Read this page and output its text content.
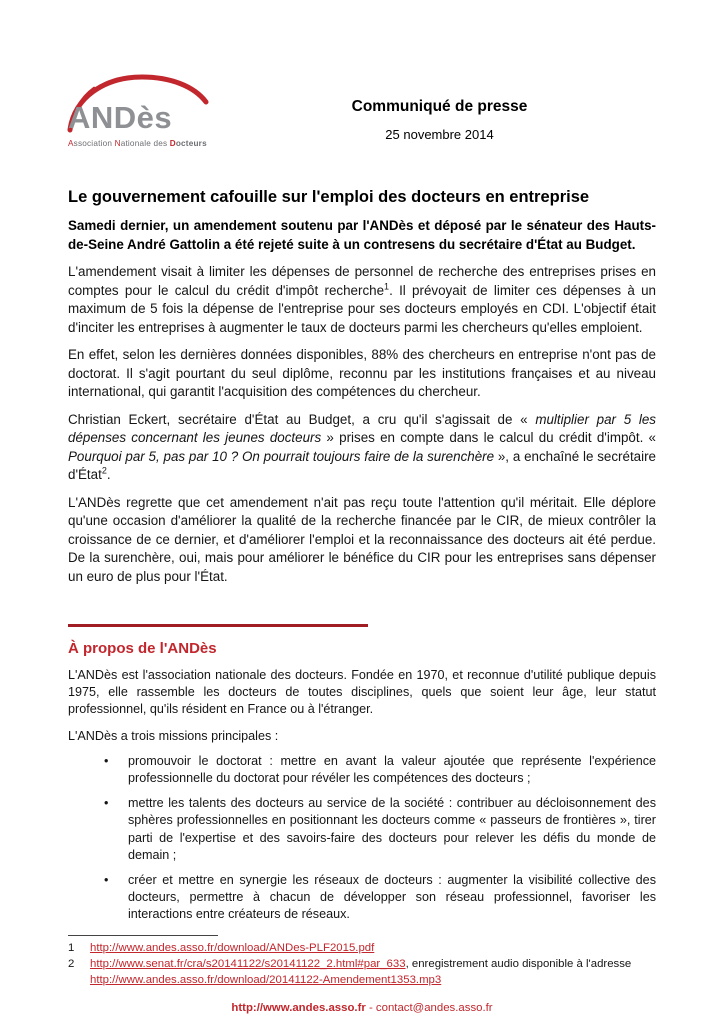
ANDès
Association Nationale des Docteurs
Communiqué de presse
25 novembre 2014
Le gouvernement cafouille sur l'emploi des docteurs en entreprise

Samedi dernier, un amendement soutenu par l'ANDès et déposé par le sénateur des Hauts-de-Seine André Gattolin a été rejeté suite à un contresens du secrétaire d'État au Budget.

L'amendement visait à limiter les dépenses de personnel de recherche des entreprises prises en comptes pour le calcul du crédit d'impôt recherche$^1$. Il prévoyait de limiter ces dépenses à un maximum de 5 fois la dépense de l'entreprise pour ses docteurs employés en CDI. L'objectif était d'inciter les entreprises à augmenter le taux de docteurs parmi les chercheurs qu'elles emploient.

En effet, selon les dernières données disponibles, 88% des chercheurs en entreprise n'ont pas de doctorat. Il s'agit pourtant du seul diplôme, reconnu par les institutions françaises et au niveau international, qui garantit l'acquisition des compétences du chercheur.

Christian Eckert, secrétaire d'État au Budget, a cru qu'il s'agissait de « multiplier par 5 les dépenses concernant les jeunes docteurs » prises en compte dans le calcul du crédit d'impôt. « Pourquoi par 5, pas par 10 ? On pourrait toujours faire de la surenchère », a enchaîné le secrétaire d'État$^2$.

L'ANDès regrette que cet amendement n'ait pas reçu toute l'attention qu'il méritait. Elle déplore qu'une occasion d'améliorer la qualité de la recherche financée par le CIR, de mieux contrôler la croissance de ce dernier, et d'améliorer l'emploi et la reconnaissance des docteurs ait été perdue. De la surenchère, oui, mais pour améliorer le bénéfice du CIR pour les entreprises sans dépenser un euro de plus pour l'État.

À propos de l'ANDès

L'ANDès est l'association nationale des docteurs. Fondée en 1970, et reconnue d'utilité publique depuis 1975, elle rassemble les docteurs de toutes disciplines, quels que soient leur âge, leur statut professionnel, qu'ils résident en France ou à l'étranger.

L'ANDès a trois missions principales :

•	promouvoir le doctorat : mettre en avant la valeur ajoutée que représente l'expérience professionnelle du doctorat pour révéler les compétences des docteurs ;
•	mettre les talents des docteurs au service de la société : contribuer au décloisonnement des sphères professionnelles en positionnant les docteurs comme « passeurs de frontières », tirer parti de l'expertise et des savoirs-faire des docteurs pour relever les défis du monde de demain ;
•	créer et mettre en synergie les réseaux de docteurs : augmenter la visibilité collective des docteurs, permettre à chacun de développer son réseau professionnel, favoriser les interactions entre créateurs de réseaux.
1	http://www.andes.asso.fr/download/ANDes-PLF2015.pdf
2	http://www.senat.fr/cra/s20141122/s20141122_2.html#par_633, enregistrement audio disponible à l'adresse
http://www.andes.asso.fr/download/20141122-Amendement1353.mp3
http://www.andes.asso.fr - contact@andes.asso.fr
